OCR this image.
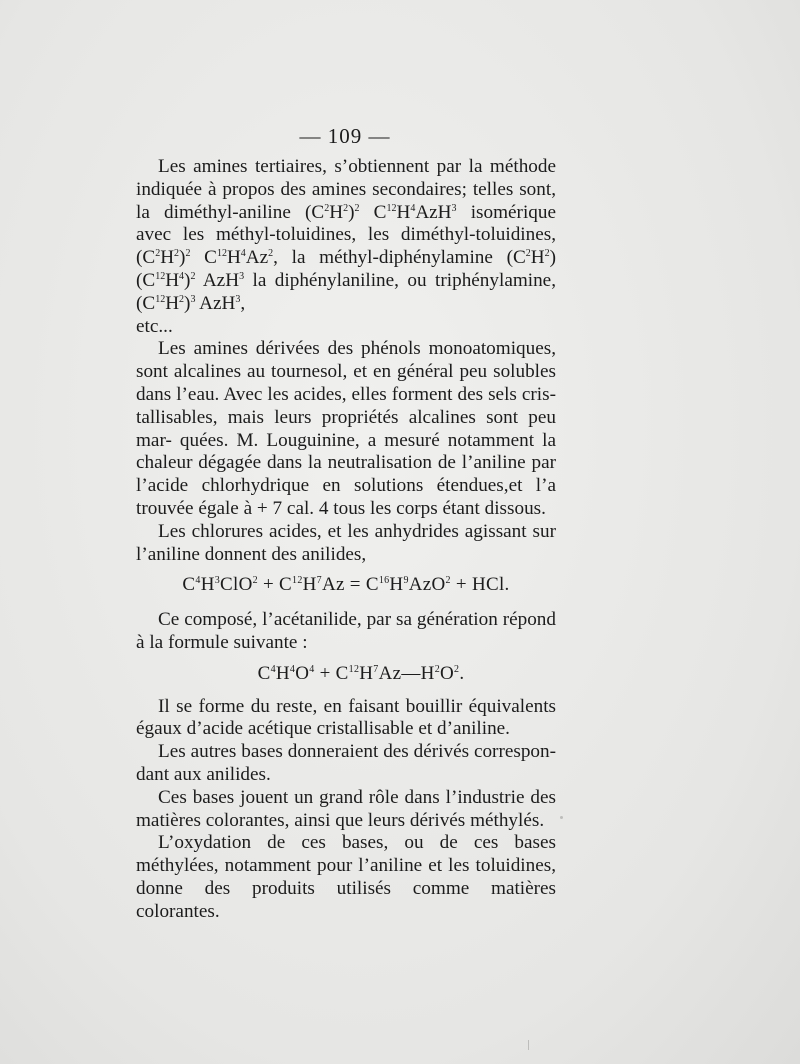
— 109 —

Les amines tertiaires, s’obtiennent par la méthode indiquée à propos des amines secondaires; telles sont, la diméthyl-aniline $(C^2H^2)^2$ $C^{12}H^4AzH^3$ isomérique avec les méthyl-toluidines, les diméthyl-toluidines, $(C^2H^2)^2$ $C^{12}H^4Az^2$, la méthyl-diphénylamine $(C^2H^2)$ $(C^{12}H^4)^2$ AzH$^3$ la diphénylaniline, ou triphénylamine, $(C^{12}H^2)^3$ AzH$^3$,

etc...

Les amines dérivées des phénols monoatomiques, sont alcalines au tournesol, et en général peu solubles dans l’eau. Avec les acides, elles forment des sels cris- tallisables, mais leurs propriétés alcalines sont peu mar- quées. M. Louguinine, a mesuré notamment la chaleur dégagée dans la neutralisation de l’aniline par l’acide chlorhydrique en solutions étendues,et l’a trouvée égale à + 7 cal. 4 tous les corps étant dissous.

Les chlorures acides, et les anhydrides agissant sur l’aniline donnent des anilides,

$C^4H^3ClO^2 + C^{12}H^7Az = C^{16}H^9AzO^2$ + HCl.

Ce composé, l’acétanilide, par sa génération répond à la formule suivante :

$C^4H^4O^4$ + $C^{12}H^7Az—H^2O^2$.

Il se forme du reste, en faisant bouillir équivalents égaux d’acide acétique cristallisable et d’aniline.

Les autres bases donneraient des dérivés correspon- dant aux anilides.

Ces bases jouent un grand rôle dans l’industrie des matières colorantes, ainsi que leurs dérivés méthylés.

L’oxydation de ces bases, ou de ces bases méthylées, notamment pour l’aniline et les toluidines, donne des produits utilisés comme matières colorantes.
